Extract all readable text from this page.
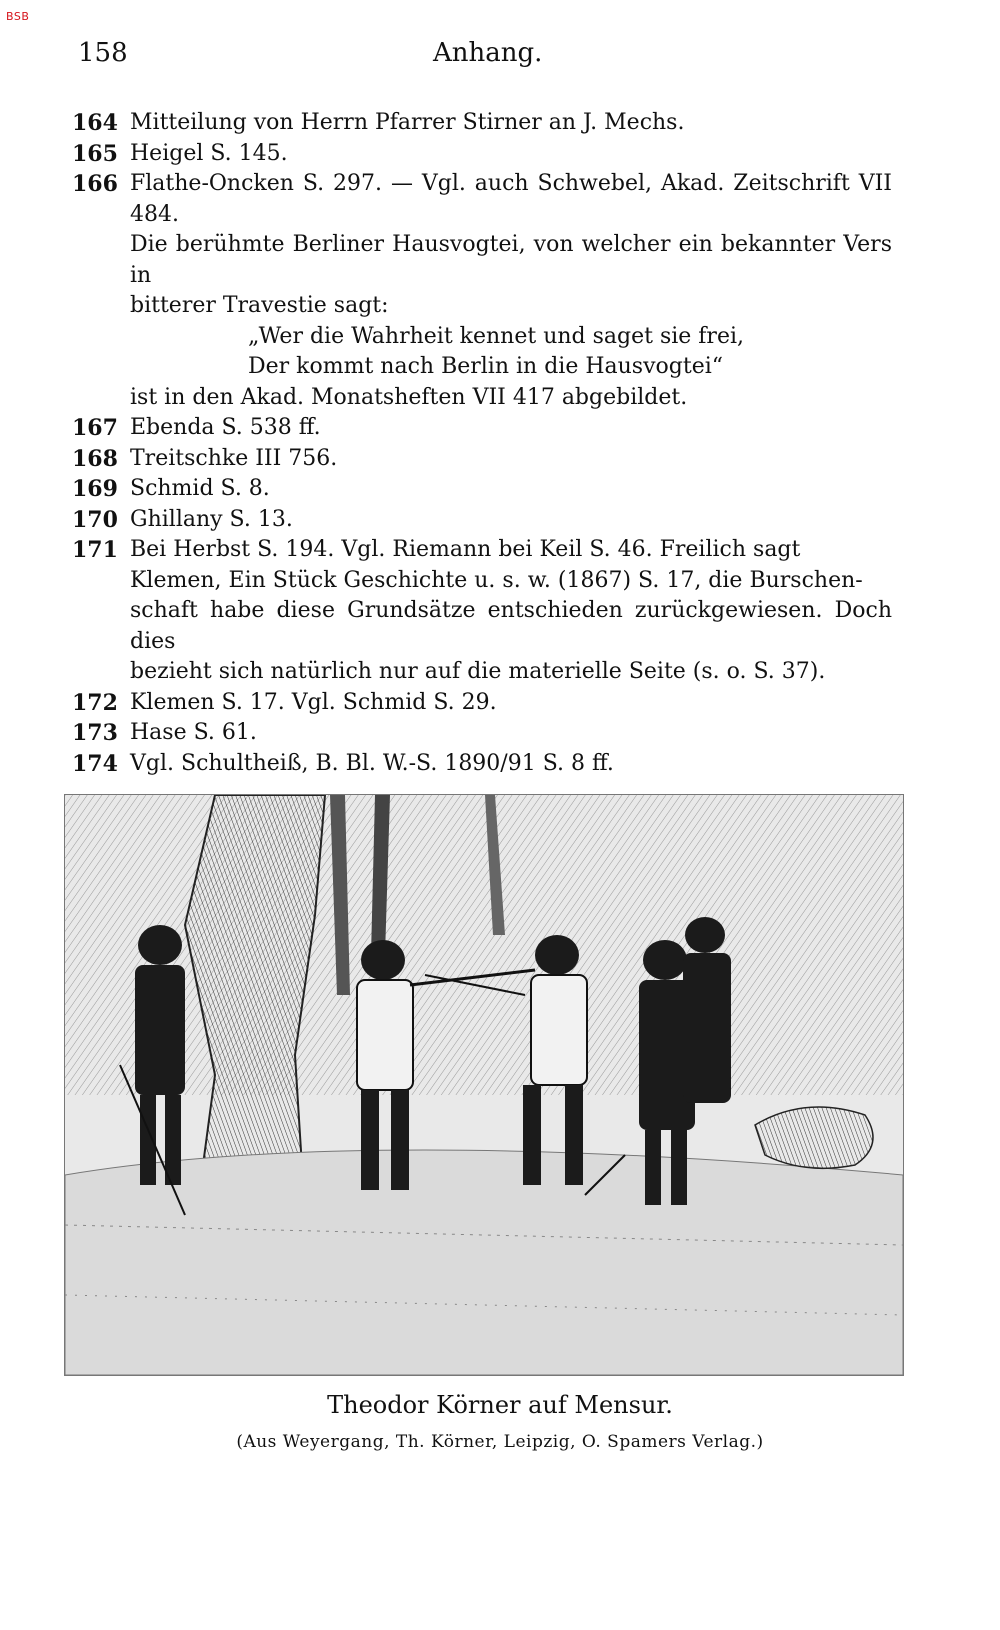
BSB
158	Anhang.
164 Mitteilung von Herrn Pfarrer Stirner an J. Mechs.
165 Heigel S. 145.
166 Flathe-Oncken S. 297. — Vgl. auch Schwebel, Akad. Zeitschrift VII 484.
Die berühmte Berliner Hausvogtei, von welcher ein bekannter Vers in
bitterer Travestie sagt:
„Wer die Wahrheit kennet und saget sie frei,
Der kommt nach Berlin in die Hausvogtei“
ist in den Akad. Monatsheften VII 417 abgebildet.
167 Ebenda S. 538 ff.
168 Treitschke III 756.
169 Schmid S. 8.
170 Ghillany S. 13.
171 Bei Herbst S. 194. Vgl. Riemann bei Keil S. 46. Freilich sagt
Klemen, Ein Stück Geschichte u. s. w. (1867) S. 17, die Burschen-
schaft habe diese Grundsätze entschieden zurückgewiesen. Doch dies
bezieht sich natürlich nur auf die materielle Seite (s. o. S. 37).
172 Klemen S. 17. Vgl. Schmid S. 29.
173 Hase S. 61.
174 Vgl. Schultheiß, B. Bl. W.-S. 1890/91 S. 8 ff.
Theodor Körner auf Mensur.
(Aus Weyergang, Th. Körner, Leipzig, O. Spamers Verlag.)
